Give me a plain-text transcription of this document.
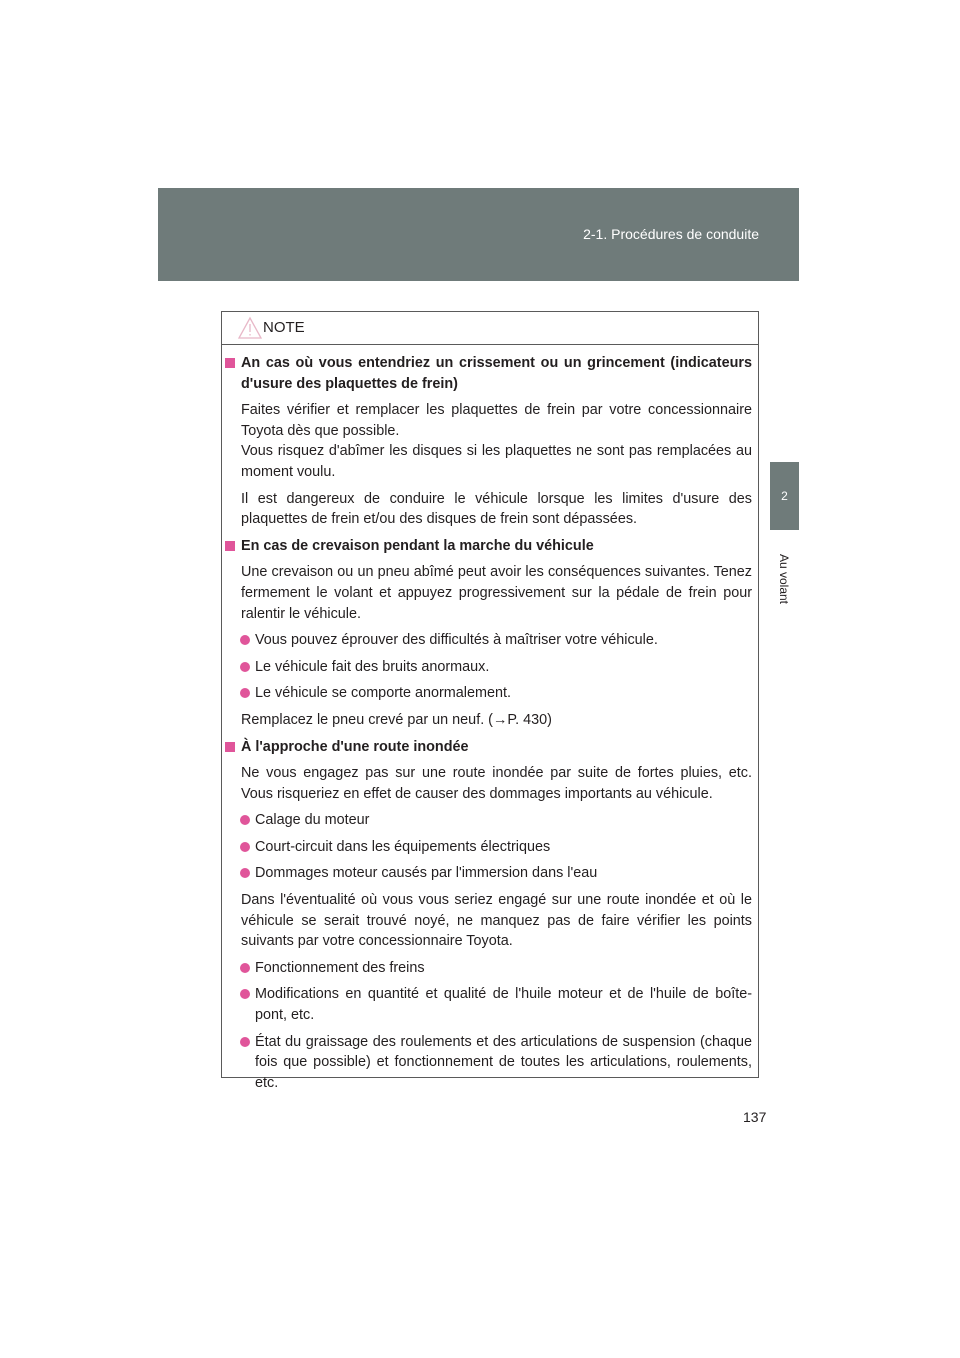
2-1. Procédures de conduite
2
Au volant
NOTE
An cas où vous entendriez un crissement ou un grincement (indicateurs d'usure des plaquettes de frein)
Faites vérifier et remplacer les plaquettes de frein par votre concessionnaire Toyota dès que possible.
Vous risquez d'abîmer les disques si les plaquettes ne sont pas remplacées au moment voulu.
Il est dangereux de conduire le véhicule lorsque les limites d'usure des plaquettes de frein et/ou des disques de frein sont dépassées.
En cas de crevaison pendant la marche du véhicule
Une crevaison ou un pneu abîmé peut avoir les conséquences suivantes. Tenez fermement le volant et appuyez progressivement sur la pédale de frein pour ralentir le véhicule.
Vous pouvez éprouver des difficultés à maîtriser votre véhicule.
Le véhicule fait des bruits anormaux.
Le véhicule se comporte anormalement.
Remplacez le pneu crevé par un neuf. (→P. 430)
À l'approche d'une route inondée
Ne vous engagez pas sur une route inondée par suite de fortes pluies, etc. Vous risqueriez en effet de causer des dommages importants au véhicule.
Calage du moteur
Court-circuit dans les équipements électriques
Dommages moteur causés par l'immersion dans l'eau
Dans l'éventualité où vous vous seriez engagé sur une route inondée et où le véhicule se serait trouvé noyé, ne manquez pas de faire vérifier les points suivants par votre concessionnaire Toyota.
Fonctionnement des freins
Modifications en quantité et qualité de l'huile moteur et de l'huile de boîte-pont, etc.
État du graissage des roulements et des articulations de suspension (chaque fois que possible) et fonctionnement de toutes les articulations, roulements, etc.
137
